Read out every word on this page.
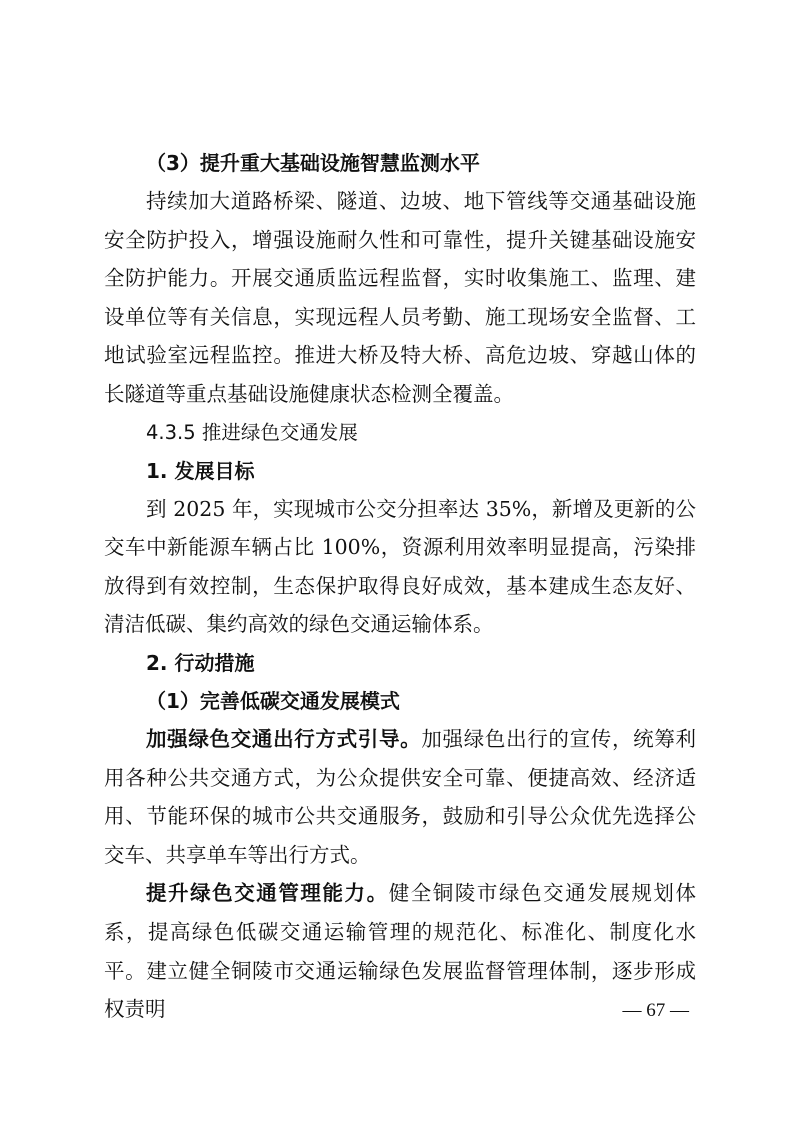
（3）提升重大基础设施智慧监测水平

持续加大道路桥梁、隧道、边坡、地下管线等交通基础设施安全防护投入，增强设施耐久性和可靠性，提升关键基础设施安全防护能力。开展交通质监远程监督，实时收集施工、监理、建设单位等有关信息，实现远程人员考勤、施工现场安全监督、工地试验室远程监控。推进大桥及特大桥、高危边坡、穿越山体的长隧道等重点基础设施健康状态检测全覆盖。

4.3.5 推进绿色交通发展
1. 发展目标

到 2025 年，实现城市公交分担率达 35%，新增及更新的公交车中新能源车辆占比 100%，资源利用效率明显提高，污染排放得到有效控制，生态保护取得良好成效，基本建成生态友好、清洁低碳、集约高效的绿色交通运输体系。

2. 行动措施
（1）完善低碳交通发展模式

加强绿色交通出行方式引导。加强绿色出行的宣传，统筹利用各种公共交通方式，为公众提供安全可靠、便捷高效、经济适用、节能环保的城市公共交通服务，鼓励和引导公众优先选择公交车、共享单车等出行方式。

提升绿色交通管理能力。健全铜陵市绿色交通发展规划体系，提高绿色低碳交通运输管理的规范化、标准化、制度化水平。建立健全铜陵市交通运输绿色发展监督管理体制，逐步形成权责明	— 67 —
